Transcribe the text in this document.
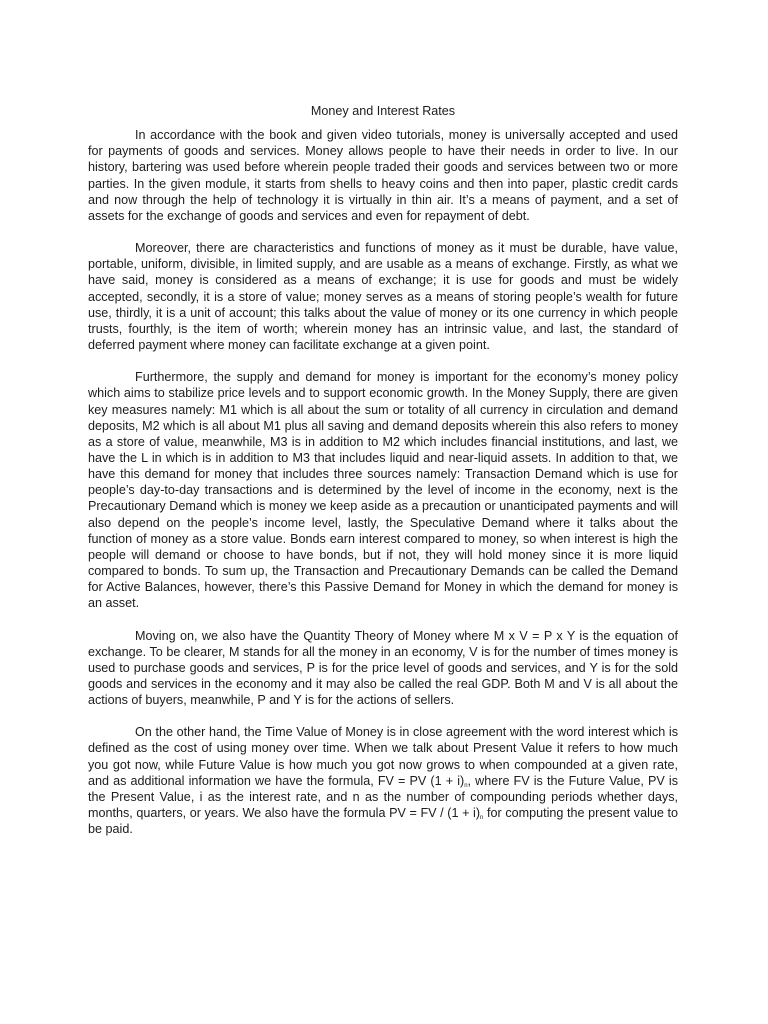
Money and Interest Rates

In accordance with the book and given video tutorials, money is universally accepted and used for payments of goods and services. Money allows people to have their needs in order to live. In our history, bartering was used before wherein people traded their goods and services between two or more parties. In the given module, it starts from shells to heavy coins and then into paper, plastic credit cards and now through the help of technology it is virtually in thin air. It’s a means of payment, and a set of assets for the exchange of goods and services and even for repayment of debt.

Moreover, there are characteristics and functions of money as it must be durable, have value, portable, uniform, divisible, in limited supply, and are usable as a means of exchange. Firstly, as what we have said, money is considered as a means of exchange; it is use for goods and must be widely accepted, secondly, it is a store of value; money serves as a means of storing people’s wealth for future use, thirdly, it is a unit of account; this talks about the value of money or its one currency in which people trusts, fourthly, is the item of worth; wherein money has an intrinsic value, and last, the standard of deferred payment where money can facilitate exchange at a given point.

Furthermore, the supply and demand for money is important for the economy’s money policy which aims to stabilize price levels and to support economic growth. In the Money Supply, there are given key measures namely: M1 which is all about the sum or totality of all currency in circulation and demand deposits, M2 which is all about M1 plus all saving and demand deposits wherein this also refers to money as a store of value, meanwhile, M3 is in addition to M2 which includes financial institutions, and last, we have the L in which is in addition to M3 that includes liquid and near-liquid assets. In addition to that, we have this demand for money that includes three sources namely: Transaction Demand which is use for people’s day-to-day transactions and is determined by the level of income in the economy, next is the Precautionary Demand which is money we keep aside as a precaution or unanticipated payments and will also depend on the people’s income level, lastly, the Speculative Demand where it talks about the function of money as a store value. Bonds earn interest compared to money, so when interest is high the people will demand or choose to have bonds, but if not, they will hold money since it is more liquid compared to bonds. To sum up, the Transaction and Precautionary Demands can be called the Demand for Active Balances, however, there’s this Passive Demand for Money in which the demand for money is an asset.

Moving on, we also have the Quantity Theory of Money where M x V = P x Y is the equation of exchange. To be clearer, M stands for all the money in an economy, V is for the number of times money is used to purchase goods and services, P is for the price level of goods and services, and Y is for the sold goods and services in the economy and it may also be called the real GDP. Both M and V is all about the actions of buyers, meanwhile, P and Y is for the actions of sellers.

On the other hand, the Time Value of Money is in close agreement with the word interest which is defined as the cost of using money over time. When we talk about Present Value it refers to how much you got now, while Future Value is how much you got now grows to when compounded at a given rate, and as additional information we have the formula, FV = PV $(1 + i)^n$, where FV is the Future Value, PV is the Present Value, i as the interest rate, and n as the number of compounding periods whether days, months, quarters, or years. We also have the formula PV = FV / $(1 + i)^n$ for computing the present value to be paid.
